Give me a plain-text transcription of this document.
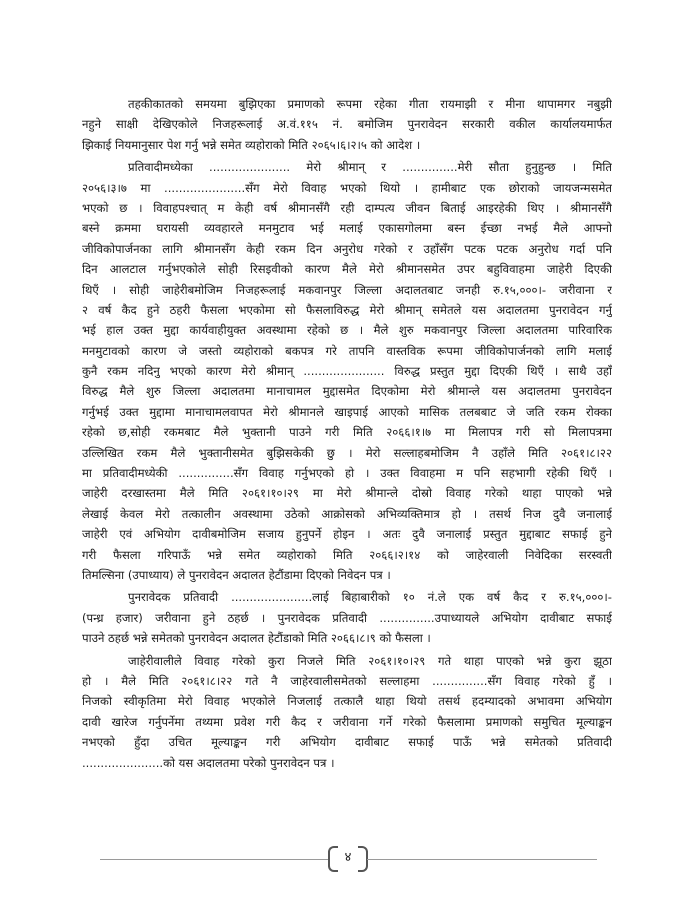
तहकीकातको समयमा बुझिएका प्रमाणको रूपमा रहेका गीता रायमाझी र मीना थापामगर नबुझी
नहुने साक्षी देखिएकोले निजहरूलाई अ.वं.११५ नं. बमोजिम पुनरावेदन सरकारी वकील कार्यालयमार्फत
झिकाई नियमानुसार पेश गर्नु भन्ने समेत व्यहोराको मिति २०६५।६।२।५ को आदेश ।
प्रतिवादीमध्येका ...................... मेरो श्रीमान् र ...............मेरी सौता हुनुहुन्छ । मिति
२०५६।३।७ मा ......................सँग मेरो विवाह भएको थियो । हामीबाट एक छोराको जायजन्मसमेत
भएको छ । विवाहपश्चात् म केही वर्ष श्रीमानसँगै रही दाम्पत्य जीवन बिताई आइरहेकी थिए । श्रीमानसँगै
बस्ने क्रममा घरायसी व्यवहारले मनमुटाव भई मलाई एकासगोलमा बस्न ईच्छा नभई मैले आफ्नो
जीविकोपार्जनका लागि श्रीमानसँग केही रकम दिन अनुरोध गरेको र उहाँसँग पटक पटक अनुरोध गर्दा पनि
दिन आलटाल गर्नुभएकोले सोही रिसइवीको कारण मैले मेरो श्रीमानसमेत उपर बहुविवाहमा जाहेरी दिएकी
थिएँ । सोही जाहेरीबमोजिम निजहरूलाई मकवानपुर जिल्ला अदालतबाट जनही रु.१५,०००।- जरीवाना र
२ वर्ष कैद हुने ठहरी फैसला भएकोमा सो फैसलाविरुद्ध मेरो श्रीमान् समेतले यस अदालतमा पुनरावेदन गर्नु
भई हाल उक्त मुद्दा कार्यवाहीयुक्त अवस्थामा रहेको छ । मैले शुरु मकवानपुर जिल्ला अदालतमा पारिवारिक
मनमुटावको कारण जे जस्तो व्यहोराको बकपत्र गरे तापनि वास्तविक रूपमा जीविकोपार्जनको लागि मलाई
कुनै रकम नदिनु भएको कारण मेरो श्रीमान् ...................... विरुद्ध प्रस्तुत मुद्दा दिएकी थिएँ । साथै उहाँ
विरुद्ध मैले शुरु जिल्ला अदालतमा मानाचामल मुद्दासमेत दिएकोमा मेरो श्रीमान्ले यस अदालतमा पुनरावेदन
गर्नुभई उक्त मुद्दामा मानाचामलवापत मेरो श्रीमानले खाइपाई आएको मासिक तलबबाट जे जति रकम रोक्का
रहेको छ,सोही रकमबाट मैले भुक्तानी पाउने गरी मिति २०६६।१।७ मा मिलापत्र गरी सो मिलापत्रमा
उल्लिखित रकम मैले भुक्तानीसमेत बुझिसकेकी छु । मेरो सल्लाहबमोजिम नै उहाँले मिति २०६१।८।२२
मा प्रतिवादीमध्येकी ...............सँग विवाह गर्नुभएको हो । उक्त विवाहमा म पनि सहभागी रहेकी थिएँ ।
जाहेरी दरखास्तमा मैले मिति २०६१।१०।२९ मा मेरो श्रीमान्ले दोस्रो विवाह गरेको थाहा पाएको भन्ने
लेखाई केवल मेरो तत्कालीन अवस्थामा उठेको आक्रोसको अभिव्यक्तिमात्र हो । तसर्थ निज दुवै जनालाई
जाहेरी एवं अभियोग दावीबमोजिम सजाय हुनुपर्ने होइन । अतः दुवै जनालाई प्रस्तुत मुद्दाबाट सफाई हुने
गरी फैसला गरिपाऊँ भन्ने समेत व्यहोराको मिति २०६६।२।१४ को जाहेरवाली निवेदिका सरस्वती
तिमल्सिना (उपाध्याय) ले पुनरावेदन अदालत हेटौंडामा दिएको निवेदन पत्र ।
पुनरावेदक प्रतिवादी ......................लाई बिहाबारीको १० नं.ले एक वर्ष कैद र रु.१५,०००।-
(पन्ध्र हजार) जरीवाना हुने ठहर्छ । पुनरावेदक प्रतिवादी ...............उपाध्यायले अभियोग दावीबाट सफाई
पाउने ठहर्छ भन्ने समेतको पुनरावेदन अदालत हेटौंडाको मिति २०६६।८।९ को फैसला ।
जाहेरीवालीले विवाह गरेको कुरा निजले मिति २०६१।१०।२९ गते थाहा पाएको भन्ने कुरा झूठा
हो । मैले मिति २०६१।८।२२ गते नै जाहेरवालीसमेतको सल्लाहमा ...............सँग विवाह गरेको हुँ ।
निजको स्वीकृतिमा मेरो विवाह भएकोले निजलाई तत्कालै थाहा थियो तसर्थ हदम्यादको अभावमा अभियोग
दावी खारेज गर्नुपर्नेमा तथ्यमा प्रवेश गरी कैद र जरीवाना गर्ने गरेको फैसलामा प्रमाणको समुचित मूल्याङ्कन
नभएको हुँदा उचित मूल्याङ्कन गरी अभियोग दावीबाट सफाई पाऊँ भन्ने समेतको प्रतिवादी
......................को यस अदालतमा परेको पुनरावेदन पत्र ।
४
